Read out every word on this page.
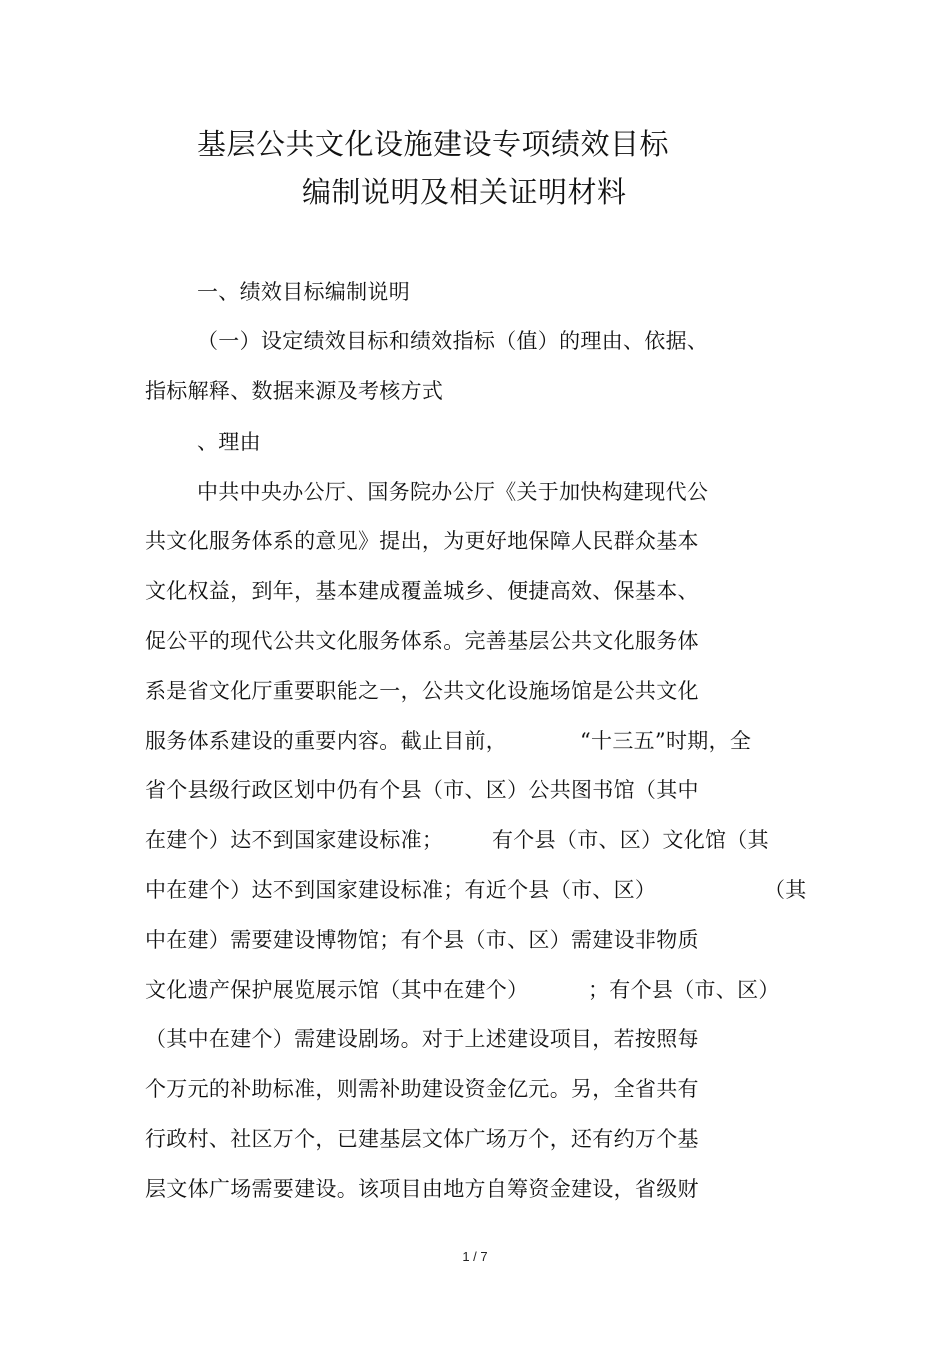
基层公共文化设施建设专项绩效目标
编制说明及相关证明材料
一、绩效目标编制说明
（一）设定绩效目标和绩效指标（值）的理由、依据、
指标解释、数据来源及考核方式
、理由
中共中央办公厅、国务院办公厅《关于加快构建现代公
共文化服务体系的意见》提出，为更好地保障人民群众基本
文化权益，到年，基本建成覆盖城乡、便捷高效、保基本、
促公平的现代公共文化服务体系。完善基层公共文化服务体
系是省文化厅重要职能之一，公共文化设施场馆是公共文化
服务体系建设的重要内容。截止目前，	“十三五”时期，全
省个县级行政区划中仍有个县（市、区）公共图书馆（其中
在建个）达不到国家建设标准； 有个县（市、区）文化馆（其
中在建个）达不到国家建设标准；有近个县（市、区）	（其
中在建）需要建设博物馆；有个县（市、区）需建设非物质
文化遗产保护展览展示馆（其中在建个）	；有个县（市、区）
（其中在建个）需建设剧场。对于上述建设项目，若按照每
个万元的补助标准，则需补助建设资金亿元。另，全省共有
行政村、社区万个，已建基层文体广场万个，还有约万个基
层文体广场需要建设。该项目由地方自筹资金建设，省级财
1 / 7
